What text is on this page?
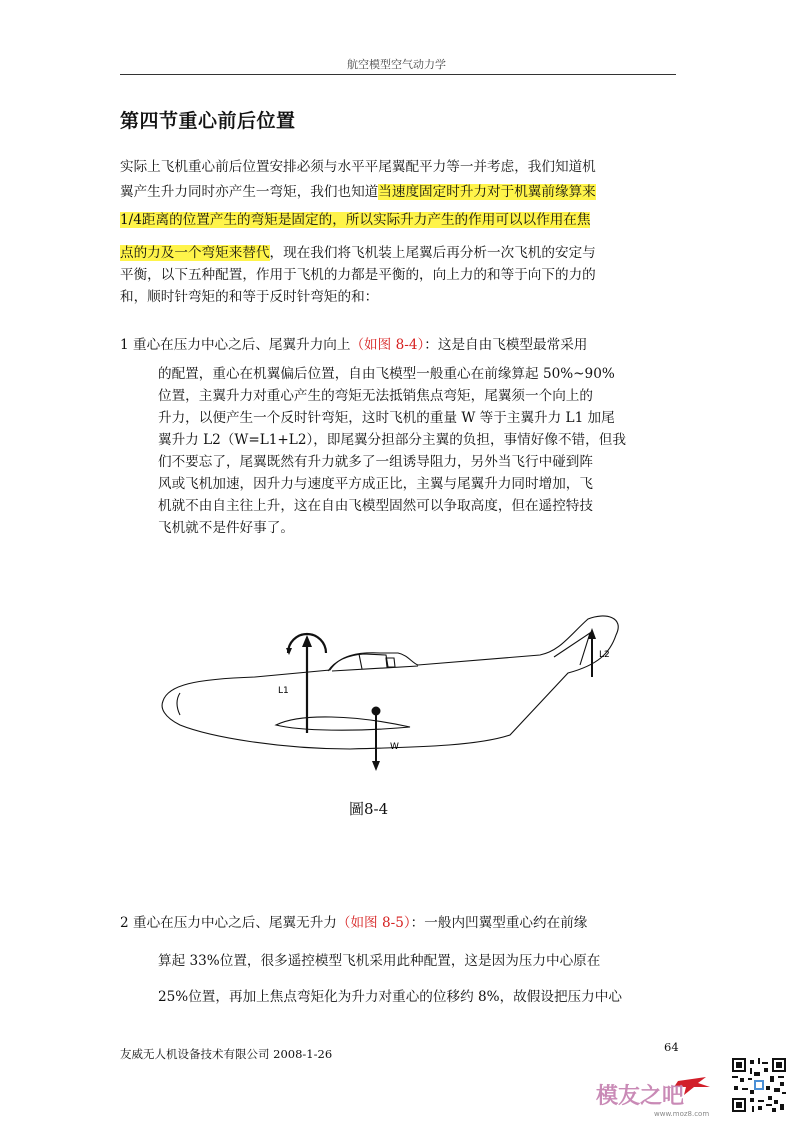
航空模型空气动力学
第四节重心前后位置
实际上飞机重心前后位置安排必须与水平平尾翼配平力等一并考虑，我们知道机
翼产生升力同时亦产生一弯矩，我们也知道当速度固定时升力对于机翼前缘算来
1/4距离的位置产生的弯矩是固定的，所以实际升力产生的作用可以以作用在焦
点的力及一个弯矩来替代，现在我们将飞机装上尾翼后再分析一次飞机的安定与
平衡，以下五种配置，作用于飞机的力都是平衡的，向上力的和等于向下的力的
和，顺时针弯矩的和等于反时针弯矩的和：
1 重心在压力中心之后、尾翼升力向上（如图 8-4）：这是自由飞模型最常采用
的配置，重心在机翼偏后位置，自由飞模型一般重心在前缘算起 50%~90%
位置，主翼升力对重心产生的弯矩无法抵销焦点弯矩，尾翼须一个向上的
升力，以便产生一个反时针弯矩，这时飞机的重量 W 等于主翼升力 L1 加尾
翼升力 L2（W=L1+L2），即尾翼分担部分主翼的负担，事情好像不错，但我
们不要忘了，尾翼既然有升力就多了一组诱导阻力，另外当飞行中碰到阵
风或飞机加速，因升力与速度平方成正比，主翼与尾翼升力同时增加，飞
机就不由自主往上升，这在自由飞模型固然可以争取高度，但在遥控特技
飞机就不是件好事了。
L1
L2
W
圖8-4
2 重心在压力中心之后、尾翼无升力（如图 8-5）：一般内凹翼型重心约在前缘
算起 33%位置，很多遥控模型飞机采用此种配置，这是因为压力中心原在
25%位置，再加上焦点弯矩化为升力对重心的位移约 8%，故假设把压力中心
友威无人机设备技术有限公司 2008-1-26	64
模友之吧
www.moz8.com
